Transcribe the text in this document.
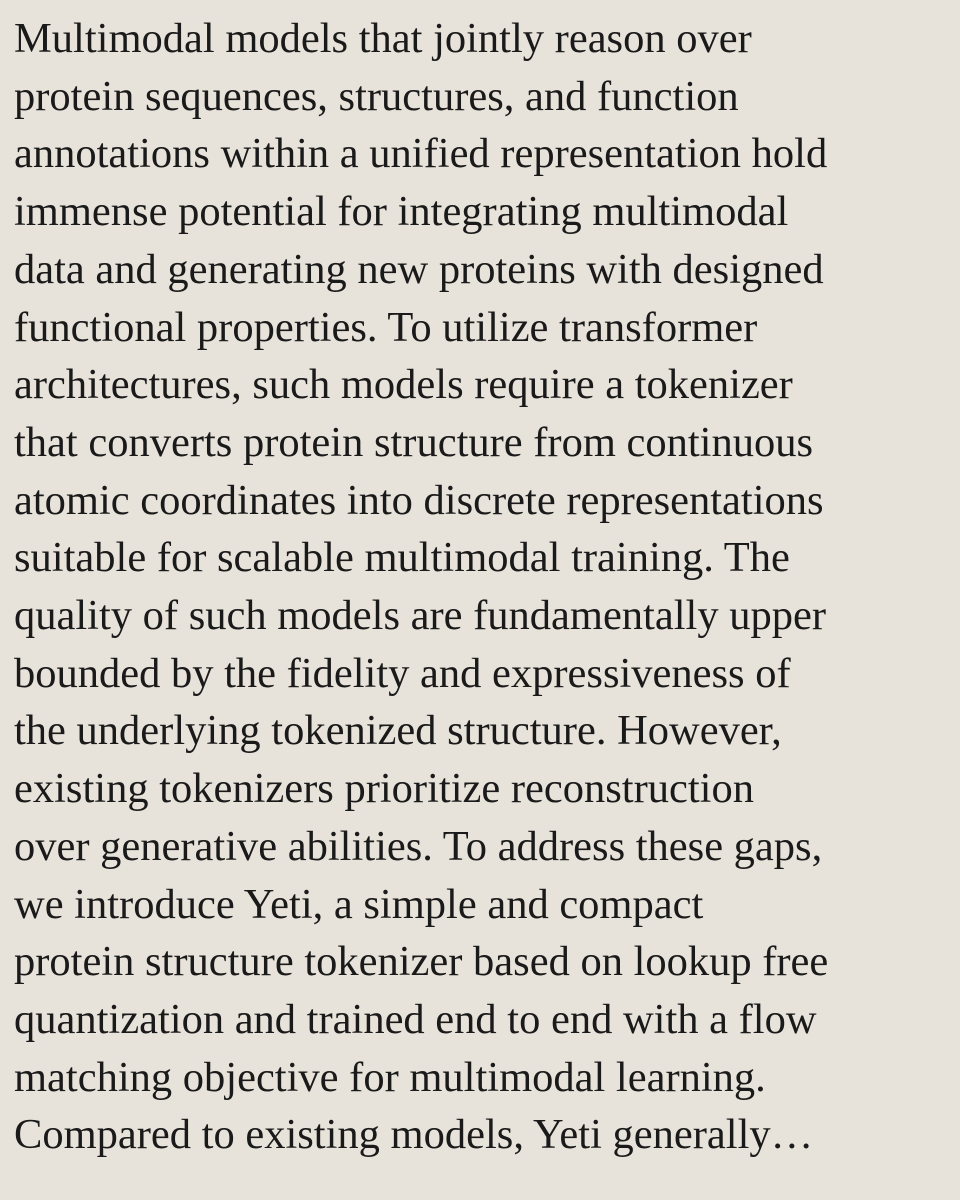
Multimodal models that jointly reason over
protein sequences, structures, and function
annotations within a unified representation hold
immense potential for integrating multimodal
data and generating new proteins with designed
functional properties. To utilize transformer
architectures, such models require a tokenizer
that converts protein structure from continuous
atomic coordinates into discrete representations
suitable for scalable multimodal training. The
quality of such models are fundamentally upper
bounded by the fidelity and expressiveness of
the underlying tokenized structure. However,
existing tokenizers prioritize reconstruction
over generative abilities. To address these gaps,
we introduce Yeti, a simple and compact
protein structure tokenizer based on lookup free
quantization and trained end to end with a flow
matching objective for multimodal learning.
Compared to existing models, Yeti generally…
